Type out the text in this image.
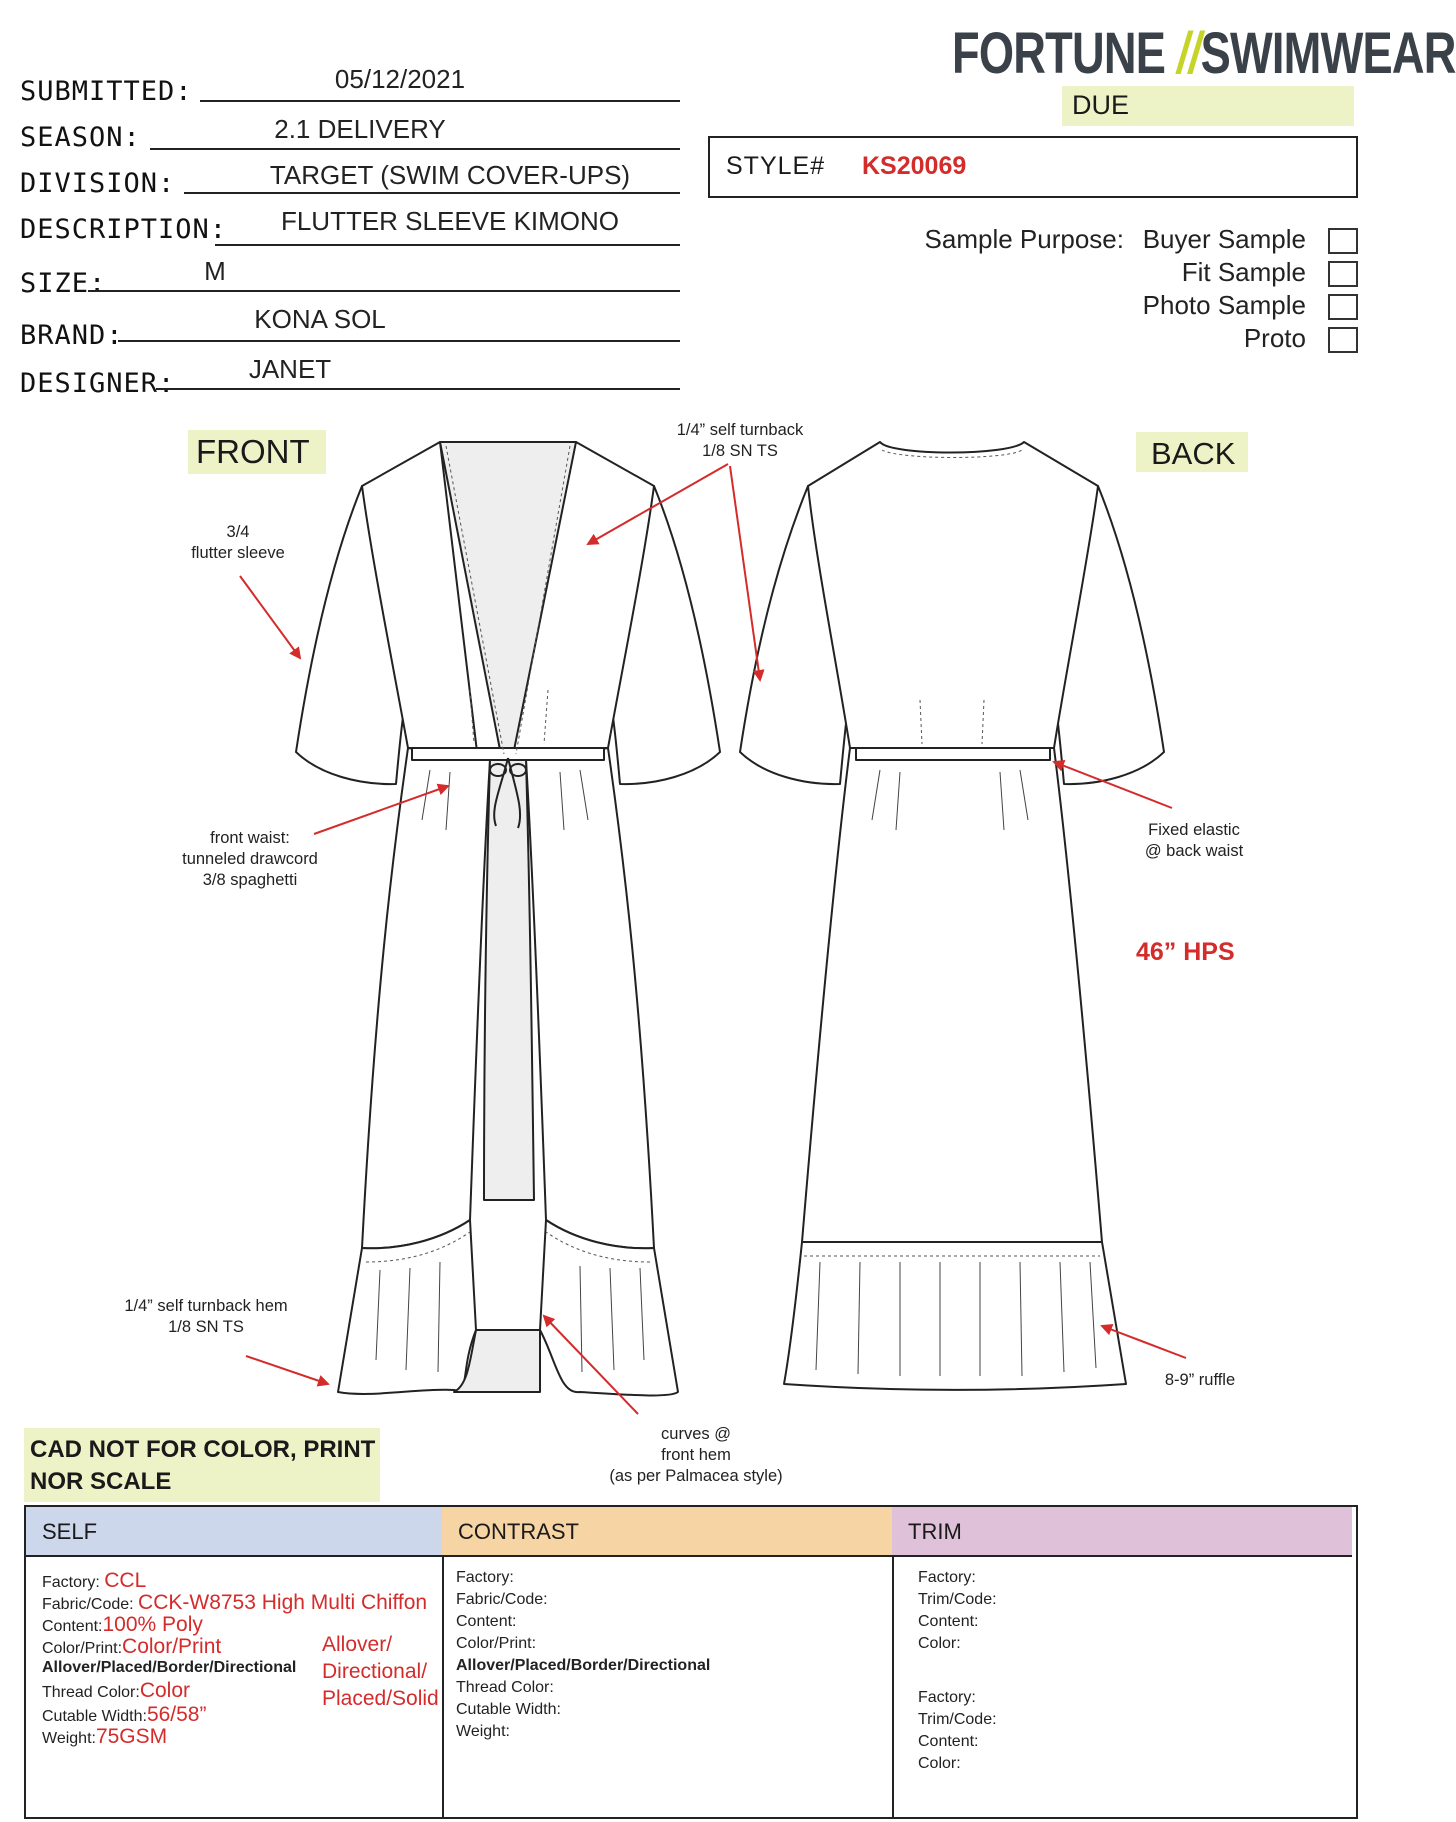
FORTUNE //SWIMWEAR
SUBMITTED:	05/12/2021
SEASON:	2.1 DELIVERY
DIVISION:	TARGET (SWIM COVER-UPS)
DESCRIPTION:	FLUTTER SLEEVE KIMONO
SIZE:	M
BRAND:
KONA SOL
DESIGNER:	JANET
DUE
STYLE# KS20069
Sample Purpose: Buyer Sample
Fit Sample
Photo Sample
Proto
FRONT	BACK
1/4” self turnback
1/8 SN TS
3/4
flutter sleeve
front waist:
tunneled drawcord
3/8 spaghetti
Fixed elastic
@ back waist
46” HPS
1/4” self turnback hem
1/8 SN TS
curves @
front hem
(as per Palmacea style)
8-9” ruffle
CAD NOT FOR COLOR, PRINT
NOR SCALE
SELF
Factory: CCL
Fabric/Code: CCK-W8753 High Multi Chiffon
Content:100% Poly
Color/Print:Color/Print
Allover/Placed/Border/Directional
Thread Color:Color
Cutable Width:56/58”
Weight:75GSM
Allover/
Directional/
Placed/Solid
CONTRAST
Factory:
Fabric/Code:
Content:
Color/Print:
Allover/Placed/Border/Directional
Thread Color:
Cutable Width:
Weight:
TRIM
Factory:
Trim/Code:
Content:
Color:
Factory:
Trim/Code:
Content:
Color:
